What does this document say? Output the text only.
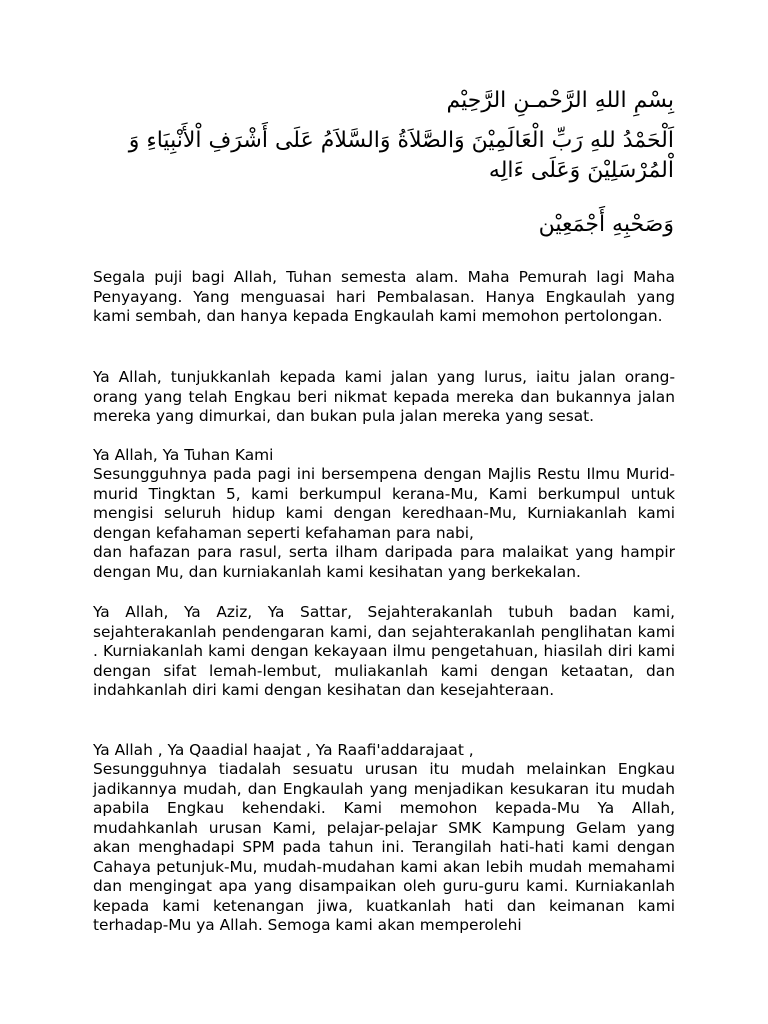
بِسْمِ اللهِ الرَّحْمـنِ الرَّحِيْم
اَلْحَمْدُ للهِ رَبِّ الْعَالَمِيْنَ وَالصَّلاَةُ وَالسَّلاَمُ عَلَى أَشْرَفِ اْلأَنْبِيَاءِ وَ
اْلمُرْسَلِيْنَ وَعَلَى ءَالِه
وَصَحْبِهِ أَجْمَعِيْن

Segala puji bagi Allah, Tuhan semesta alam. Maha Pemurah lagi Maha Penyayang. Yang menguasai hari Pembalasan. Hanya Engkaulah yang kami sembah, dan hanya kepada Engkaulah kami memohon pertolongan.

Ya Allah, tunjukkanlah kepada kami jalan yang lurus, iaitu jalan orang-orang yang telah Engkau beri nikmat kepada mereka dan bukannya jalan mereka yang dimurkai, dan bukan pula jalan mereka yang sesat.

Ya Allah, Ya Tuhan Kami

Sesungguhnya pada pagi ini bersempena dengan Majlis Restu Ilmu Murid-murid Tingktan 5, kami berkumpul kerana-Mu, Kami berkumpul untuk mengisi seluruh hidup kami dengan keredhaan-Mu, Kurniakanlah kami dengan kefahaman seperti kefahaman para nabi,
dan hafazan para rasul, serta ilham daripada para malaikat yang hampir dengan Mu, dan kurniakanlah kami kesihatan yang berkekalan.

Ya Allah, Ya Aziz, Ya Sattar, Sejahterakanlah tubuh badan kami, sejahterakanlah pendengaran kami, dan sejahterakanlah penglihatan kami . Kurniakanlah kami dengan kekayaan ilmu pengetahuan, hiasilah diri kami dengan sifat lemah-lembut, muliakanlah kami dengan ketaatan, dan indahkanlah diri kami dengan kesihatan dan kesejahteraan.

Ya Allah , Ya Qaadial haajat , Ya Raafi'addarajaat ,

Sesungguhnya tiadalah sesuatu urusan itu mudah melainkan Engkau jadikannya mudah, dan Engkaulah yang menjadikan kesukaran itu mudah apabila Engkau kehendaki. Kami memohon kepada-Mu Ya Allah, mudahkanlah urusan Kami, pelajar-pelajar SMK Kampung Gelam yang akan menghadapi SPM pada tahun ini. Terangilah hati-hati kami dengan Cahaya petunjuk-Mu, mudah-mudahan kami akan lebih mudah memahami dan mengingat apa yang disampaikan oleh guru-guru kami. Kurniakanlah kepada kami ketenangan jiwa, kuatkanlah hati dan keimanan kami terhadap-Mu ya Allah. Semoga kami akan memperolehi
